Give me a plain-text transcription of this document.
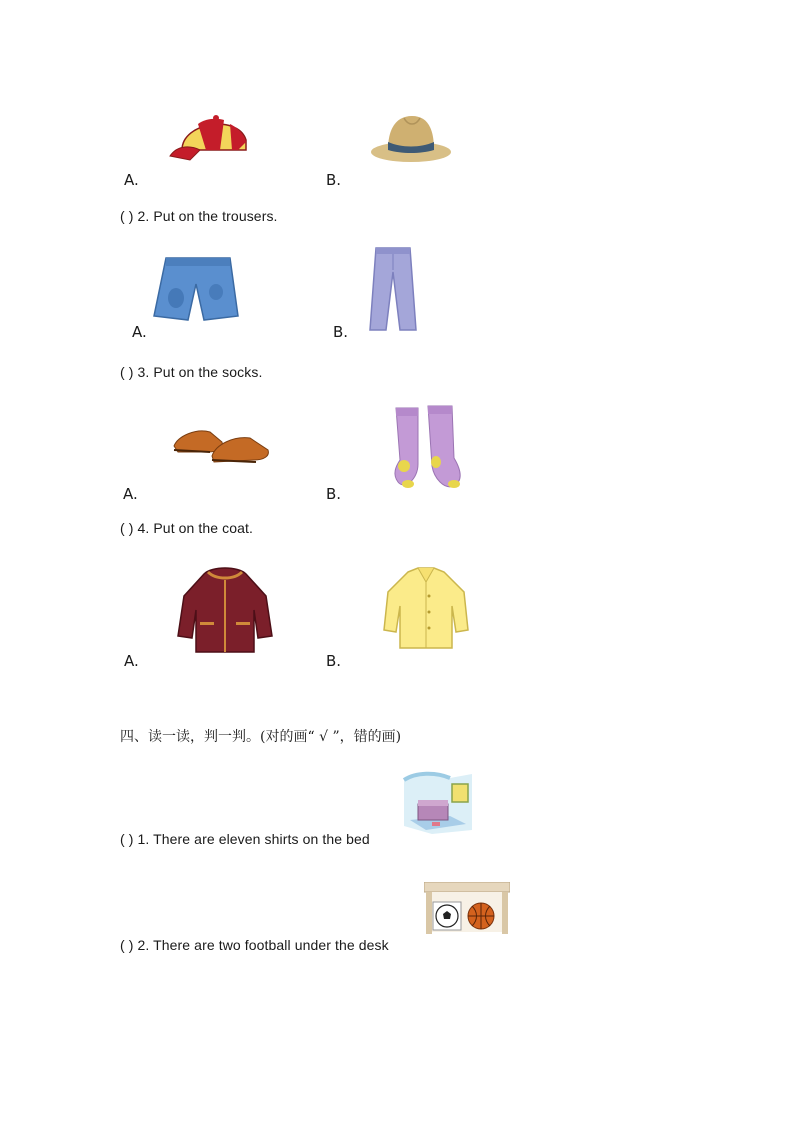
A.	B.
( ) 2. Put on the trousers.
A.	B.
( ) 3. Put on the socks.
A.	B.
( ) 4. Put on the coat.
A.	B.
四、读一读，判一判。(对的画“ √ ”，错的画)
( ) 1. There are eleven shirts on the bed
( ) 2. There are two football under the desk
